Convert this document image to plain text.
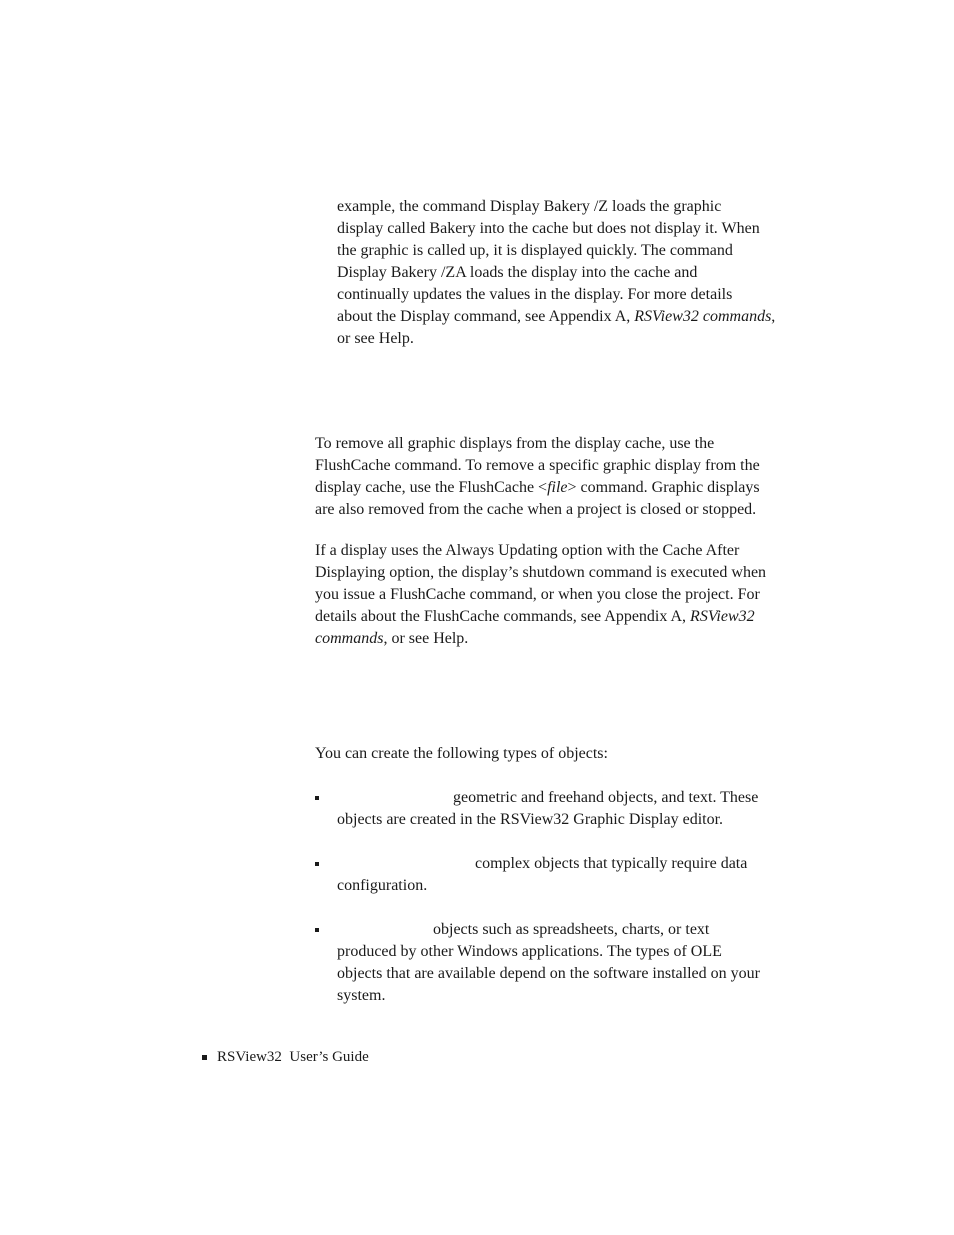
example, the command Display Bakery /Z loads the graphic

display called Bakery into the cache but does not display it. When

the graphic is called up, it is displayed quickly. The command

Display Bakery /ZA loads the display into the cache and

continually updates the values in the display. For more details

about the Display command, see Appendix A, RSView32 commands,

or see Help.

To remove all graphic displays from the display cache, use the

FlushCache command. To remove a specific graphic display from the

display cache, use the FlushCache <file> command. Graphic displays

are also removed from the cache when a project is closed or stopped.

If a display uses the Always Updating option with the Cache After

Displaying option, the display’s shutdown command is executed when

you issue a FlushCache command, or when you close the project. For

details about the FlushCache commands, see Appendix A, RSView32

commands, or see Help.

You can create the following types of objects:

geometric and freehand objects, and text. These

objects are created in the RSView32 Graphic Display editor.

complex objects that typically require data

configuration.

objects such as spreadsheets, charts, or text

produced by other Windows applications. The types of OLE

objects that are available depend on the software installed on your

system.

RSView32  User’s Guide
